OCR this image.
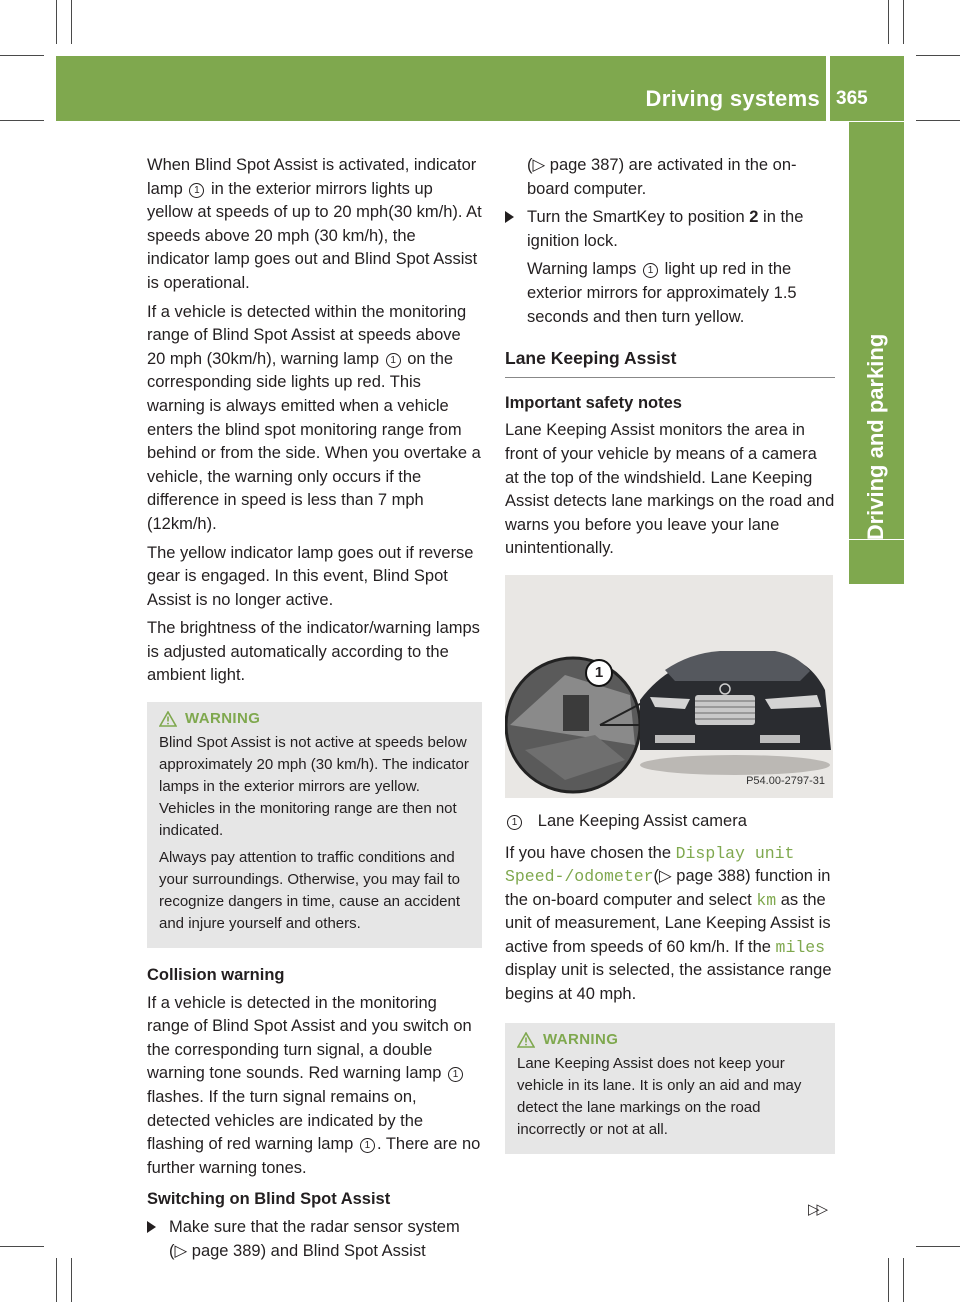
Driving systems 365
Driving and parking

When Blind Spot Assist is activated, indicator lamp 1 in the exterior mirrors lights up yellow at speeds of up to 20 mph(30 km/h). At speeds above 20 mph (30 km/h), the indicator lamp goes out and Blind Spot Assist is operational.

If a vehicle is detected within the monitoring range of Blind Spot Assist at speeds above 20 mph (30km/h), warning lamp 1 on the corresponding side lights up red. This warning is always emitted when a vehicle enters the blind spot monitoring range from behind or from the side. When you overtake a vehicle, the warning only occurs if the difference in speed is less than 7 mph (12km/h).

The yellow indicator lamp goes out if reverse gear is engaged. In this event, Blind Spot Assist is no longer active.

The brightness of the indicator/warning lamps is adjusted automatically according to the ambient light.

WARNING

Blind Spot Assist is not active at speeds below approximately 20 mph (30 km/h). The indicator lamps in the exterior mirrors are yellow. Vehicles in the monitoring range are then not indicated.

Always pay attention to traffic conditions and your surroundings. Otherwise, you may fail to recognize dangers in time, cause an accident and injure yourself and others.

Collision warning

If a vehicle is detected in the monitoring range of Blind Spot Assist and you switch on the corresponding turn signal, a double warning tone sounds. Red warning lamp 1 flashes. If the turn signal remains on, detected vehicles are indicated by the flashing of red warning lamp 1 . There are no further warning tones.

Switching on Blind Spot Assist
Make sure that the radar sensor system
(▷ page 389) and Blind Spot Assist

(▷ page 387) are activated in the on-board computer.

Turn the SmartKey to position 2 in the ignition lock.

Warning lamps 1 light up red in the exterior mirrors for approximately 1.5 seconds and then turn yellow.

Lane Keeping Assist
Important safety notes

Lane Keeping Assist monitors the area in front of your vehicle by means of a camera at the top of the windshield. Lane Keeping Assist detects lane markings on the road and warns you before you leave your lane unintentionally.

1
P54.00-2797-31

1 Lane Keeping Assist camera

If you have chosen the Display unit Speed-/odometer(▷ page 388) function in the on-board computer and select km as the unit of measurement, Lane Keeping Assist is active from speeds of 60 km/h. If the miles display unit is selected, the assistance range begins at 40 mph.

WARNING

Lane Keeping Assist does not keep your vehicle in its lane. It is only an aid and may detect the lane markings on the road incorrectly or not at all.

▷▷
